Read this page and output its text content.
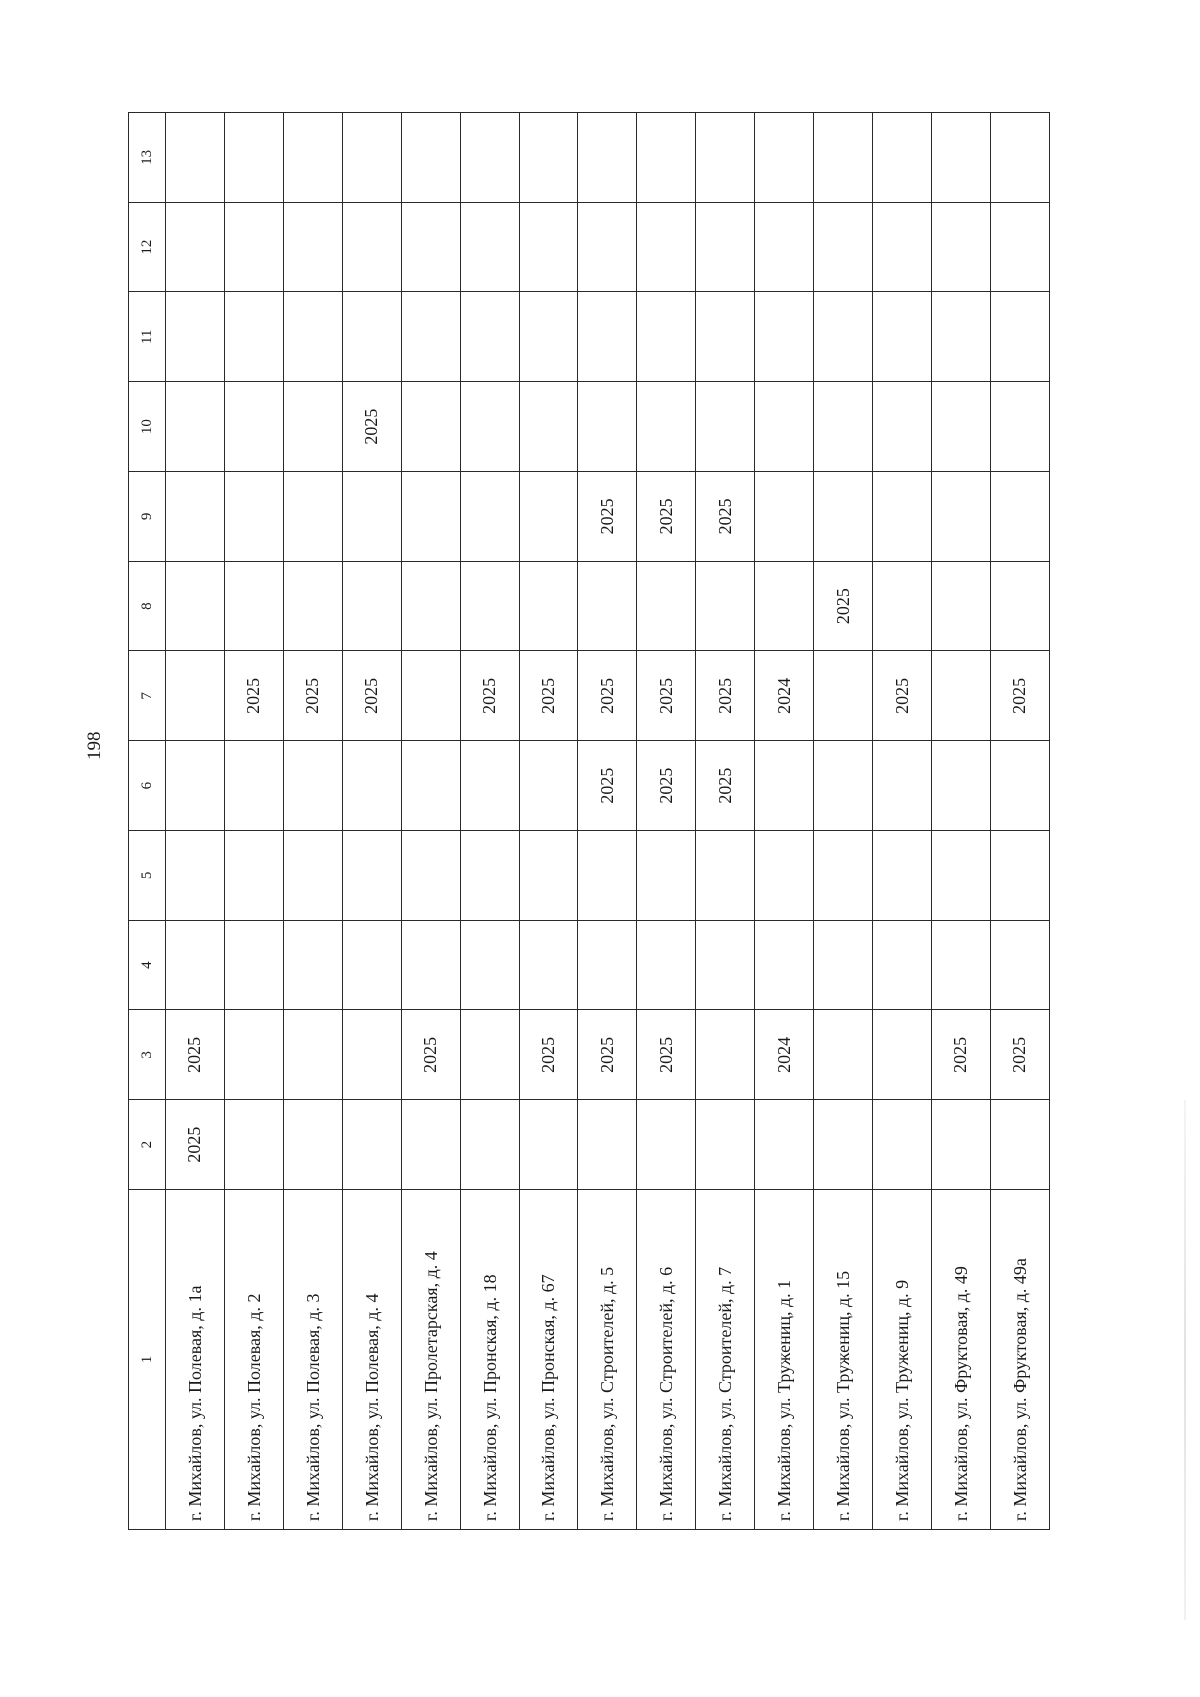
198
1	2	3	4	5	6	7	8	9	10	11	12	13
г. Михайлов, ул. Полевая, д. 1а	2025	2025										
г. Михайлов, ул. Полевая, д. 2						2025						
г. Михайлов, ул. Полевая, д. 3						2025						
г. Михайлов, ул. Полевая, д. 4						2025			2025			
г. Михайлов, ул. Пролетарская, д. 4		2025										
г. Михайлов, ул. Пронская, д. 18						2025						
г. Михайлов, ул. Пронская, д. 67		2025				2025						
г. Михайлов, ул. Строителей, д. 5		2025			2025	2025		2025				
г. Михайлов, ул. Строителей, д. 6		2025			2025	2025		2025				
г. Михайлов, ул. Строителей, д. 7					2025	2025		2025				
г. Михайлов, ул. Тружениц, д. 1		2024				2024						
г. Михайлов, ул. Тружениц, д. 15							2025					
г. Михайлов, ул. Тружениц, д. 9						2025						
г. Михайлов, ул. Фруктовая, д. 49		2025										
г. Михайлов, ул. Фруктовая, д. 49а		2025				2025						
